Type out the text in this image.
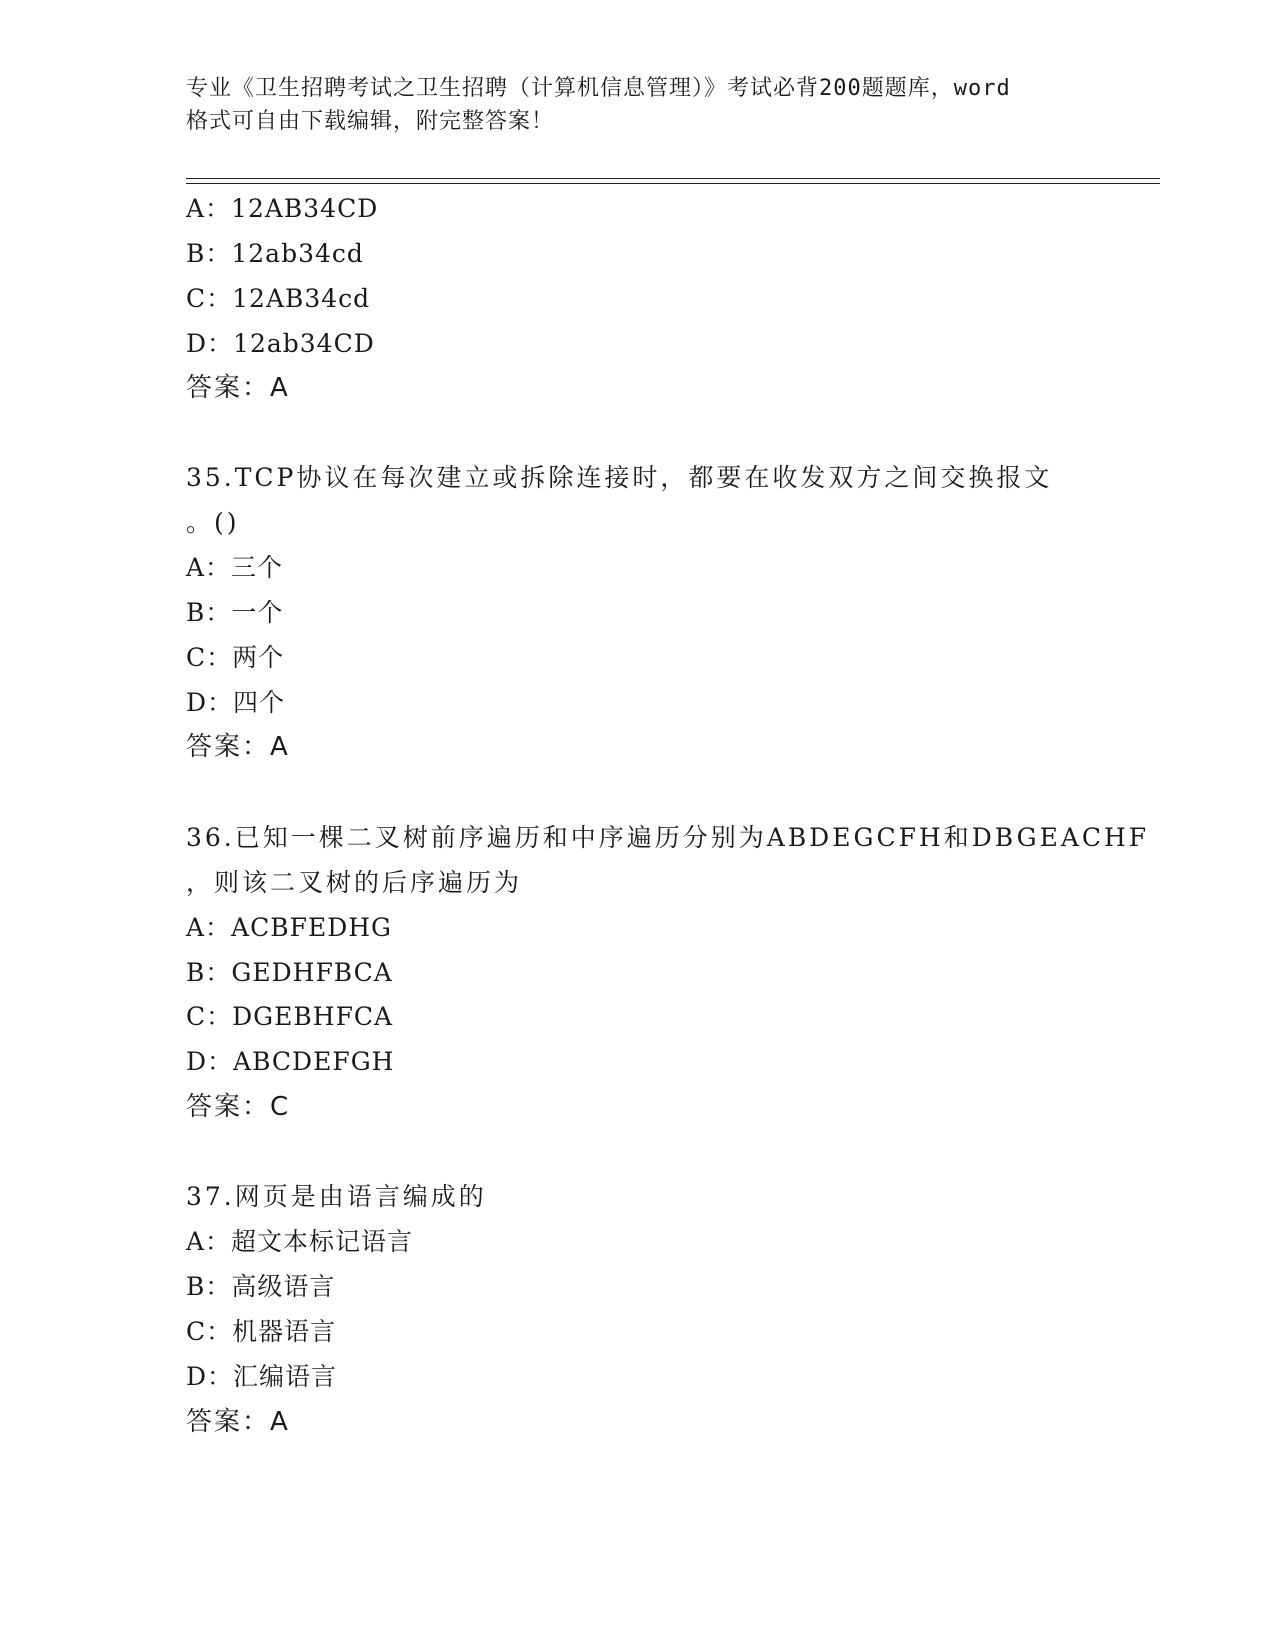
专业《卫生招聘考试之卫生招聘（计算机信息管理）》考试必背200题题库，word
格式可自由下载编辑，附完整答案！
A：12AB34CD
B：12ab34cd
C：12AB34cd
D：12ab34CD
答案：A
35.TCP协议在每次建立或拆除连接时，都要在收发双方之间交换报文
。()
A：三个
B：一个
C：两个
D：四个
答案：A
36.已知一棵二叉树前序遍历和中序遍历分别为ABDEGCFH和DBGEACHF
，则该二叉树的后序遍历为
A：ACBFEDHG
B：GEDHFBCA
C：DGEBHFCA
D：ABCDEFGH
答案：C
37.网页是由语言编成的
A：超文本标记语言
B：高级语言
C：机器语言
D：汇编语言
答案：A
